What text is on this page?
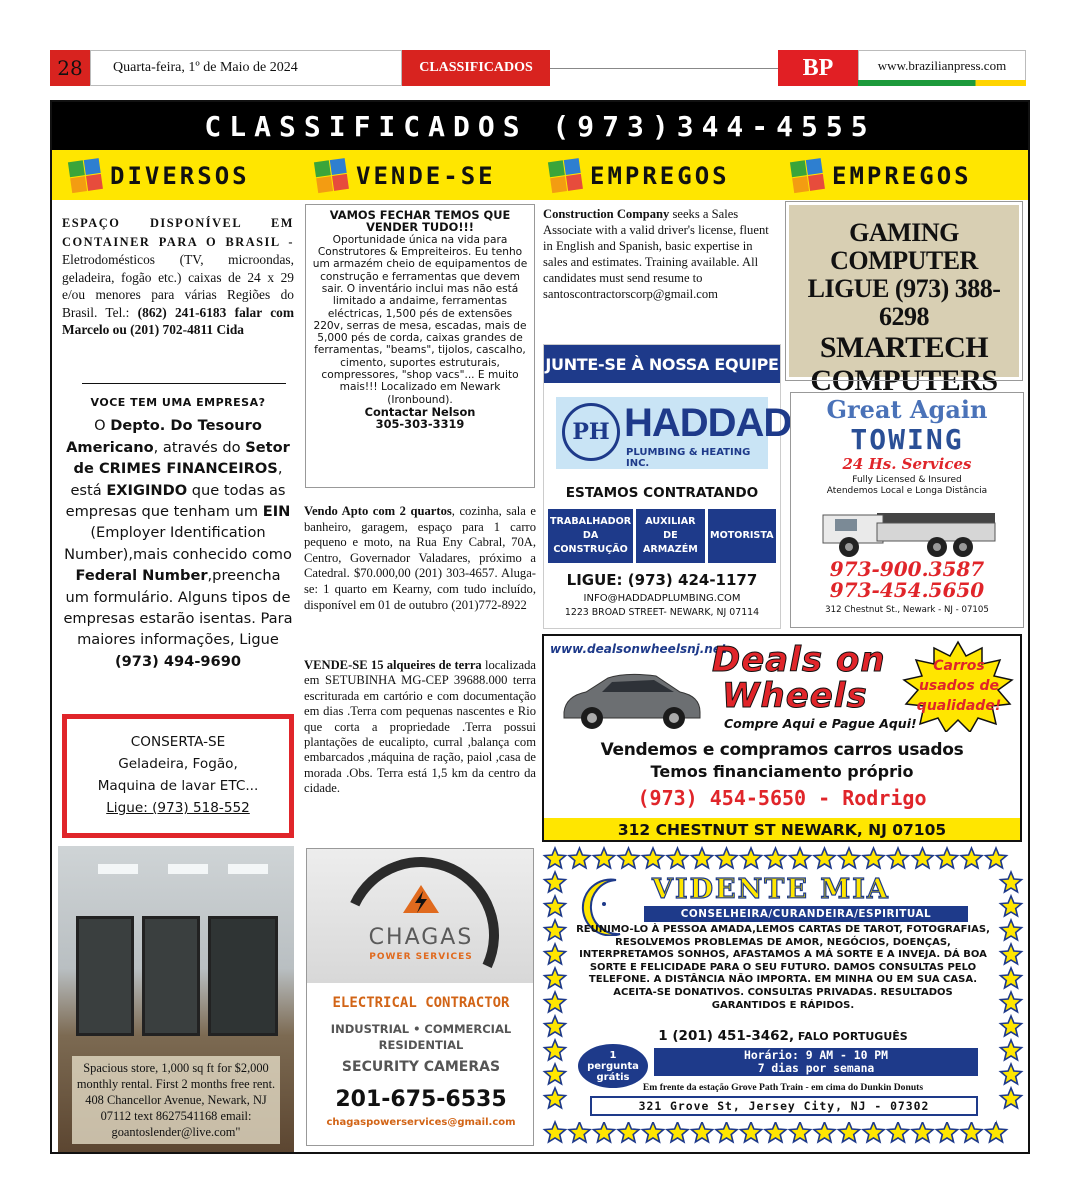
28	Quarta-feira, 1º de Maio de 2024	CLASSIFICADOS	BP	www.brazilianpress.com
CLASSIFICADOS (973)344-4555
DIVERSOS	VENDE-SE	EMPREGOS	EMPREGOS
ESPAÇO DISPONÍVEL EM CONTAINER PARA O BRASIL - Eletrodomésticos (TV, microondas, geladeira, fogão etc.) caixas de 24 x 29 e/ou menores para várias Regiões do Brasil. Tel.: (862) 241-6183 falar com Marcelo ou (201) 702-4811 Cida
VOCE TEM UMA EMPRESA?
O Depto. Do Tesouro Americano, através do Setor de CRIMES FINANCEIROS, está EXIGINDO que todas as empresas que tenham um EIN (Employer Identification Number),mais conhecido como Federal Number,preencha um formulário. Alguns tipos de empresas estarão isentas. Para maiores informações, Ligue (973) 494-9690
CONSERTA-SE
Geladeira, Fogão,
Maquina de lavar ETC...
Ligue: (973) 518-552
Spacious store, 1,000 sq ft for $2,000 monthly rental. First 2 months free rent. 408 Chancellor Avenue, Newark, NJ 07112 text 8627541168 email: goantoslender@live.com"
VAMOS FECHAR TEMOS QUE VENDER TUDO!!!
Oportunidade única na vida para Construtores & Empreiteiros. Eu tenho um armazém cheio de equipamentos de construção e ferramentas que devem sair. O inventário inclui mas não está limitado a andaime, ferramentas eléctricas, 1,500 pés de extensões 220v, serras de mesa, escadas, mais de 5,000 pés de corda, caixas grandes de ferramentas, "beams", tijolos, cascalho, cimento, suportes estruturais, compressores, "shop vacs"... E muito mais!!! Localizado em Newark (Ironbound).
Contactar Nelson
305-303-3319
Vendo Apto com 2 quartos, cozinha, sala e banheiro, garagem, espaço para 1 carro pequeno e moto, na Rua Eny Cabral, 70A, Centro, Governador Valadares, próximo a Catedral. $70.000,00 (201) 303-4657. Aluga-se: 1 quarto em Kearny, com tudo incluído, disponível em 01 de outubro (201)772-8922
VENDE-SE 15 alqueires de terra localizada em SETUBINHA MG-CEP 39688.000 terra escriturada em cartório e com documentação em dias .Terra com pequenas nascentes e Rio que corta a propriedade .Terra possui plantações de eucalipto, curral ,balança com embarcados ,máquina de ração, paiol ,casa de morada .Obs. Terra está 1,5 km da centro da cidade.
CHAGAS
POWER SERVICES
ELECTRICAL CONTRACTOR
INDUSTRIAL • COMMERCIAL
RESIDENTIAL
SECURITY CAMERAS
201-675-6535
chagaspowerservices@gmail.com
Construction Company seeks a Sales Associate with a valid driver's license, fluent in English and Spanish, basic expertise in sales and estimates. Training available. All candidates must send resume to santoscontractorscorp@gmail.com
JUNTE-SE À NOSSA EQUIPE
PH HADDAD
PLUMBING & HEATING INC.
ESTAMOS CONTRATANDO
TRABALHADOR DA CONSTRUÇÃO
AUXILIAR DE ARMAZÉM
MOTORISTA
LIGUE: (973) 424-1177
INFO@HADDADPLUMBING.COM
1223 BROAD STREET- NEWARK, NJ 07114
GAMING
COMPUTER
LIGUE (973) 388-6298
SMARTECH
COMPUTERS
Great Again
TOWING
24 Hs. Services
Fully Licensed & Insured
Atendemos Local e Longa Distância
973-900.3587
973-454.5650
312 Chestnut St., Newark - NJ - 07105
www.dealsonwheelsnj.net
Deals on
Wheels
Compre Aqui e Pague Aqui!
Carros
usados de
qualidade!
Vendemos e compramos carros usados
Temos financiamento próprio
(973) 454-5650 - Rodrigo
312 CHESTNUT ST NEWARK, NJ 07105
VIDENTE MIA
CONSELHEIRA/CURANDEIRA/ESPIRITUAL
REUNIMO-LO À PESSOA AMADA,LEMOS CARTAS DE TAROT, FOTOGRAFIAS, RESOLVEMOS PROBLEMAS DE AMOR, NEGÓCIOS, DOENÇAS, INTERPRETAMOS SONHOS, AFASTAMOS A MÁ SORTE E A INVEJA. DÁ BOA SORTE E FELICIDADE PARA O SEU FUTURO. DAMOS CONSULTAS PELO TELEFONE. A DISTÂNCIA NÃO IMPORTA. EM MINHA OU EM SUA CASA. ACEITA-SE DONATIVOS. CONSULTAS PRIVADAS. RESULTADOS GARANTIDOS E RÁPIDOS.
1 (201) 451-3462, FALO PORTUGUÊS
1
pergunta
grátis
Horário: 9 AM - 10 PM
7 dias por semana
Em frente da estação Grove Path Train - em cima do Dunkin Donuts
321 Grove St, Jersey City, NJ - 07302
